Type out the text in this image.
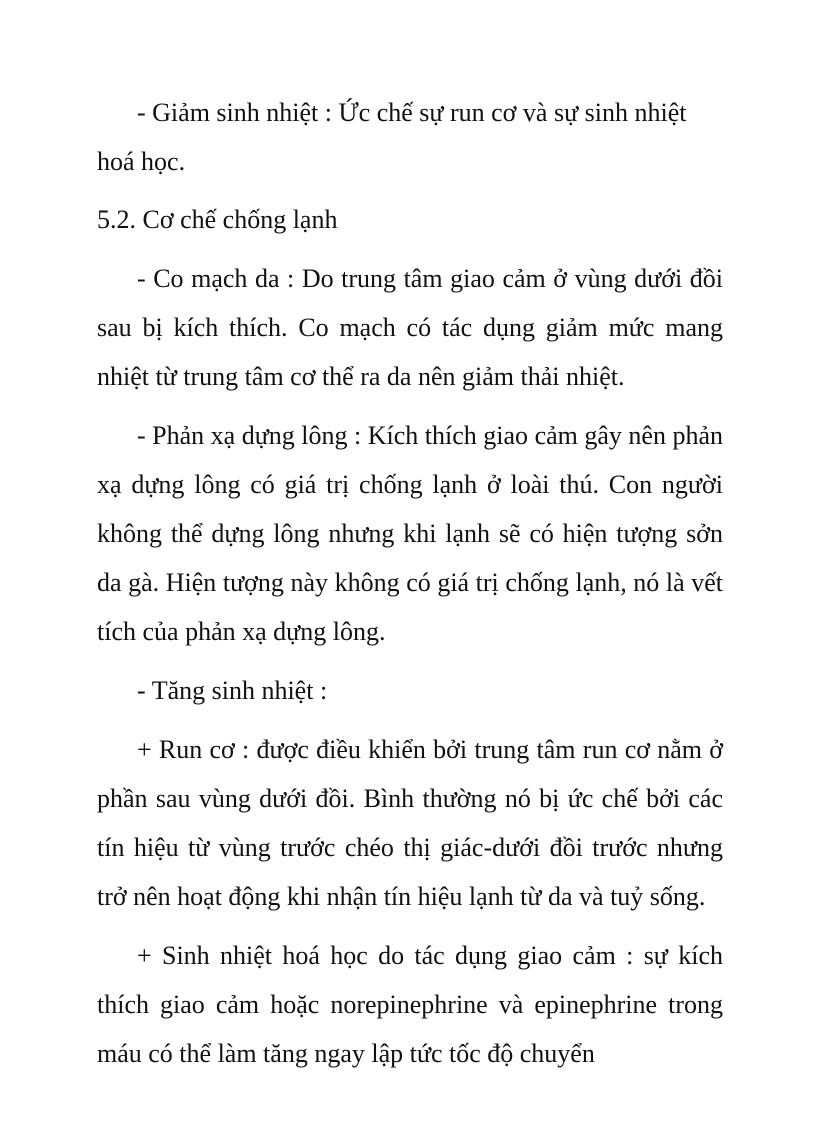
- Giảm sinh nhiệt : Ức chế sự run cơ và sự sinh nhiệt hoá học.

5.2. Cơ chế chống lạnh

- Co mạch da : Do trung tâm giao cảm ở vùng dưới đồi sau bị kích thích. Co mạch có tác dụng giảm mức mang nhiệt từ trung tâm cơ thể ra da nên giảm thải nhiệt.

- Phản xạ dựng lông : Kích thích giao cảm gây nên phản xạ dựng lông có giá trị chống lạnh ở loài thú. Con người không thể dựng lông nhưng khi lạnh sẽ có hiện tượng sởn da gà. Hiện tượng này không có giá trị chống lạnh, nó là vết tích của phản xạ dựng lông.

- Tăng sinh nhiệt :

+ Run cơ : được điều khiển bởi trung tâm run cơ nằm ở phần sau vùng dưới đồi. Bình thường nó bị ức chế bởi các tín hiệu từ vùng trước chéo thị giác-dưới đồi trước nhưng trở nên hoạt động khi nhận tín hiệu lạnh từ da và tuỷ sống.

+ Sinh nhiệt hoá học do tác dụng giao cảm : sự kích thích giao cảm hoặc norepinephrine và epinephrine trong máu có thể làm tăng ngay lập tức tốc độ chuyển
